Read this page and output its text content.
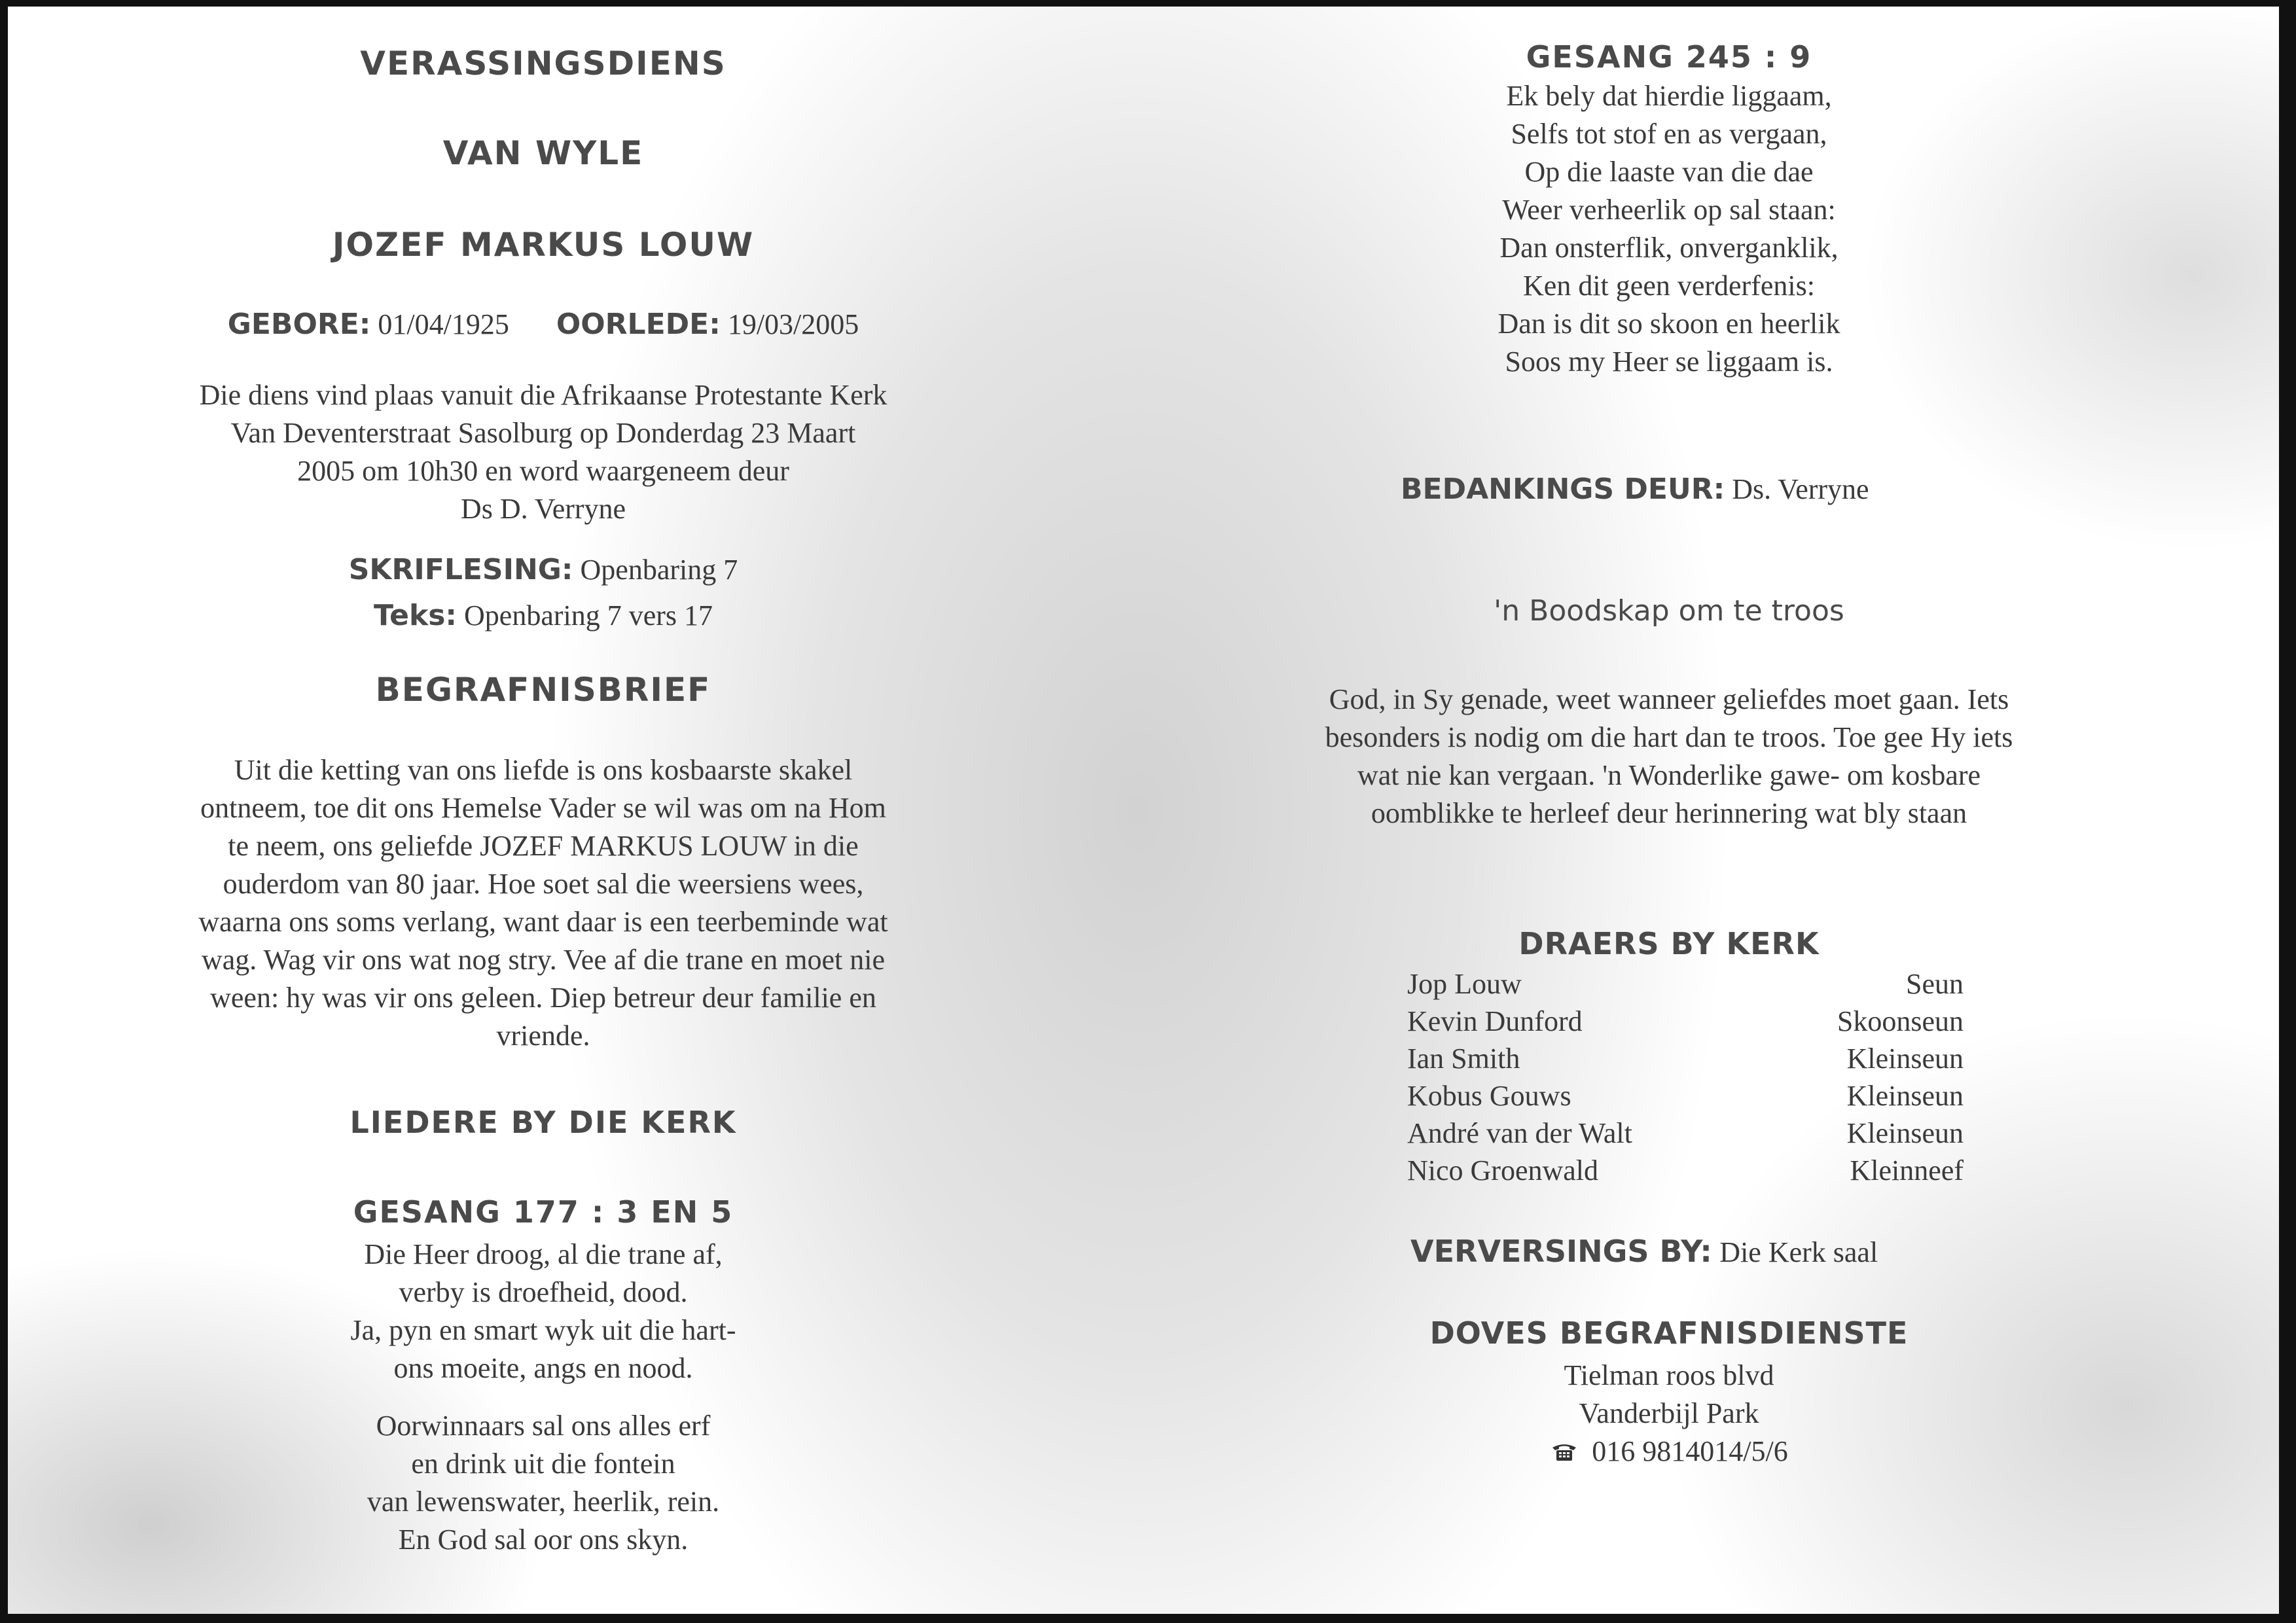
VERASSINGSDIENS
VAN WYLE
JOZEF MARKUS LOUW
GEBORE: 01/04/1925 OORLEDE: 19/03/2005
Die diens vind plaas vanuit die Afrikaanse Protestante Kerk
Van Deventerstraat Sasolburg op Donderdag 23 Maart
2005 om 10h30 en word waargeneem deur
Ds D. Verryne
SKRIFLESING: Openbaring 7
Teks: Openbaring 7 vers 17
BEGRAFNISBRIEF
Uit die ketting van ons liefde is ons kosbaarste skakel
ontneem, toe dit ons Hemelse Vader se wil was om na Hom
te neem, ons geliefde JOZEF MARKUS LOUW in die
ouderdom van 80 jaar. Hoe soet sal die weersiens wees,
waarna ons soms verlang, want daar is een teerbeminde wat
wag. Wag vir ons wat nog stry. Vee af die trane en moet nie
ween: hy was vir ons geleen. Diep betreur deur familie en
vriende.
LIEDERE BY DIE KERK
GESANG 177 : 3 EN 5
Die Heer droog, al die trane af,
verby is droefheid, dood.
Ja, pyn en smart wyk uit die hart-
ons moeite, angs en nood.
Oorwinnaars sal ons alles erf
en drink uit die fontein
van lewenswater, heerlik, rein.
En God sal oor ons skyn.
GESANG 245 : 9
Ek bely dat hierdie liggaam,
Selfs tot stof en as vergaan,
Op die laaste van die dae
Weer verheerlik op sal staan:
Dan onsterflik, onverganklik,
Ken dit geen verderfenis:
Dan is dit so skoon en heerlik
Soos my Heer se liggaam is.
BEDANKINGS DEUR: Ds. Verryne
'n Boodskap om te troos
God, in Sy genade, weet wanneer geliefdes moet gaan. Iets
besonders is nodig om die hart dan te troos. Toe gee Hy iets
wat nie kan vergaan. 'n Wonderlike gawe- om kosbare
oomblikke te herleef deur herinnering wat bly staan
DRAERS BY KERK
Jop Louw	Seun
Kevin Dunford	Skoonseun
Ian Smith	Kleinseun
Kobus Gouws	Kleinseun
André van der Walt	Kleinseun
Nico Groenwald	Kleinneef
VERVERSINGS BY: Die Kerk saal
DOVES BEGRAFNISDIENSTE
Tielman roos blvd
Vanderbijl Park
016 9814014/5/6
